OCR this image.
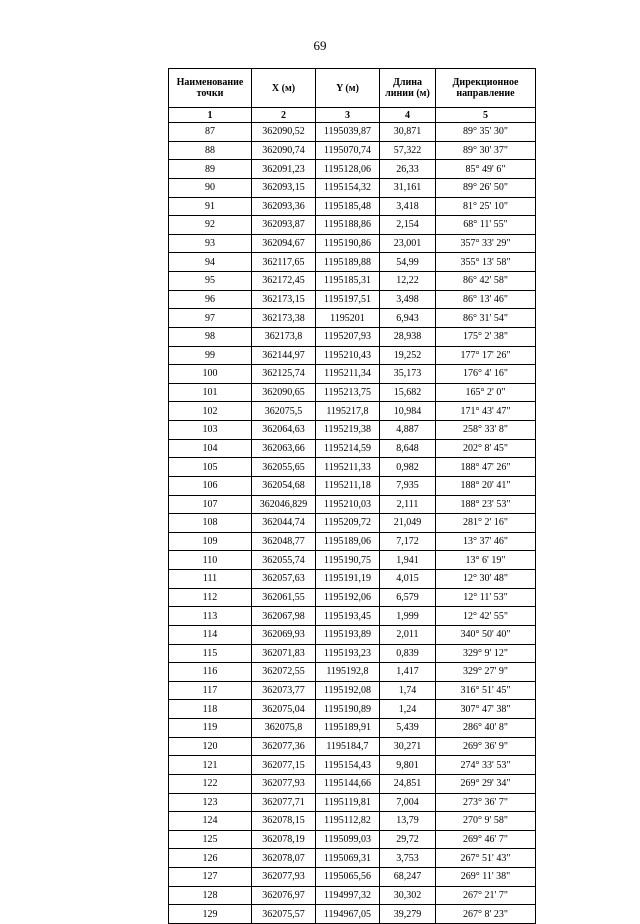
69
Наименование точки	X (м)	Y (м)	Длина линии (м)	Дирекционное направление
1	2	3	4	5
87	362090,52	1195039,87	30,871	89° 35' 30"
88	362090,74	1195070,74	57,322	89° 30' 37"
89	362091,23	1195128,06	26,33	85° 49' 6"
90	362093,15	1195154,32	31,161	89° 26' 50"
91	362093,36	1195185,48	3,418	81° 25' 10"
92	362093,87	1195188,86	2,154	68° 11' 55"
93	362094,67	1195190,86	23,001	357° 33' 29"
94	362117,65	1195189,88	54,99	355° 13' 58"
95	362172,45	1195185,31	12,22	86° 42' 58"
96	362173,15	1195197,51	3,498	86° 13' 46"
97	362173,38	1195201	6,943	86° 31' 54"
98	362173,8	1195207,93	28,938	175° 2' 38"
99	362144,97	1195210,43	19,252	177° 17' 26"
100	362125,74	1195211,34	35,173	176° 4' 16"
101	362090,65	1195213,75	15,682	165° 2' 0"
102	362075,5	1195217,8	10,984	171° 43' 47"
103	362064,63	1195219,38	4,887	258° 33' 8"
104	362063,66	1195214,59	8,648	202° 8' 45"
105	362055,65	1195211,33	0,982	188° 47' 26"
106	362054,68	1195211,18	7,935	188° 20' 41"
107	362046,829	1195210,03	2,111	188° 23' 53"
108	362044,74	1195209,72	21,049	281° 2' 16"
109	362048,77	1195189,06	7,172	13° 37' 46"
110	362055,74	1195190,75	1,941	13° 6' 19"
111	362057,63	1195191,19	4,015	12° 30' 48"
112	362061,55	1195192,06	6,579	12° 11' 53"
113	362067,98	1195193,45	1,999	12° 42' 55"
114	362069,93	1195193,89	2,011	340° 50' 40"
115	362071,83	1195193,23	0,839	329° 9' 12"
116	362072,55	1195192,8	1,417	329° 27' 9"
117	362073,77	1195192,08	1,74	316° 51' 45"
118	362075,04	1195190,89	1,24	307° 47' 38"
119	362075,8	1195189,91	5,439	286° 40' 8"
120	362077,36	1195184,7	30,271	269° 36' 9"
121	362077,15	1195154,43	9,801	274° 33' 53"
122	362077,93	1195144,66	24,851	269° 29' 34"
123	362077,71	1195119,81	7,004	273° 36' 7"
124	362078,15	1195112,82	13,79	270° 9' 58"
125	362078,19	1195099,03	29,72	269° 46' 7"
126	362078,07	1195069,31	3,753	267° 51' 43"
127	362077,93	1195065,56	68,247	269° 11' 38"
128	362076,97	1194997,32	30,302	267° 21' 7"
129	362075,57	1194967,05	39,279	267° 8' 23"
